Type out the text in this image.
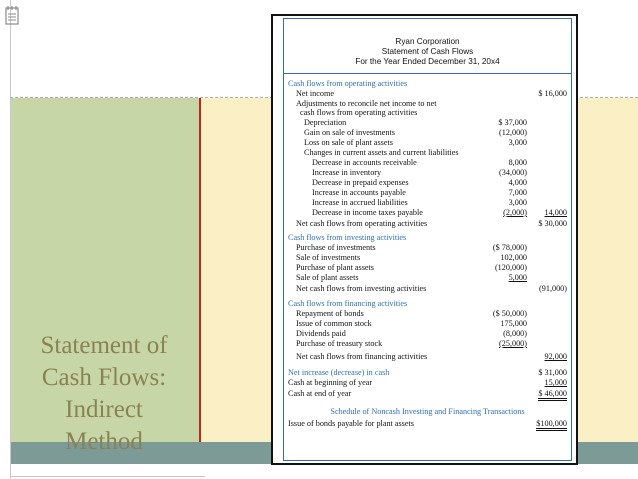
Statement of
Cash Flows:
Indirect
Method
Ryan Corporation
Statement of Cash Flows
For the Year Ended December 31, 20x4
Cash flows from operating activities
Net income	$ 16,000
Adjustments to reconcile net income to net
cash flows from operating activities
Depreciation	$ 37,000
Gain on sale of investments	(12,000)
Loss on sale of plant assets	3,000
Changes in current assets and current liabilities
Decrease in accounts receivable	8,000
Increase in inventory	(34,000)
Decrease in prepaid expenses	4,000
Increase in accounts payable	7,000
Increase in accrued liabilities	3,000
Decrease in income taxes payable	(2,000)	14,000
Net cash flows from operating activities	$ 30,000
Cash flows from investing activities
Purchase of investments	($ 78,000)
Sale of investments	102,000
Purchase of plant assets	(120,000)
Sale of plant assets	5,000
Net cash flows from investing activities	(91,000)
Cash flows from financing activities
Repayment of bonds	($ 50,000)
Issue of common stock	175,000
Dividends paid	(8,000)
Purchase of treasury stock	(25,000)
Net cash flows from financing activities	92,000
Net increase (decrease) in cash	$ 31,000
Cash at beginning of year	15,000
Cash at end of year	$ 46,000
Schedule of Noncash Investing and Financing Transactions
Issue of bonds payable for plant assets	$100,000
